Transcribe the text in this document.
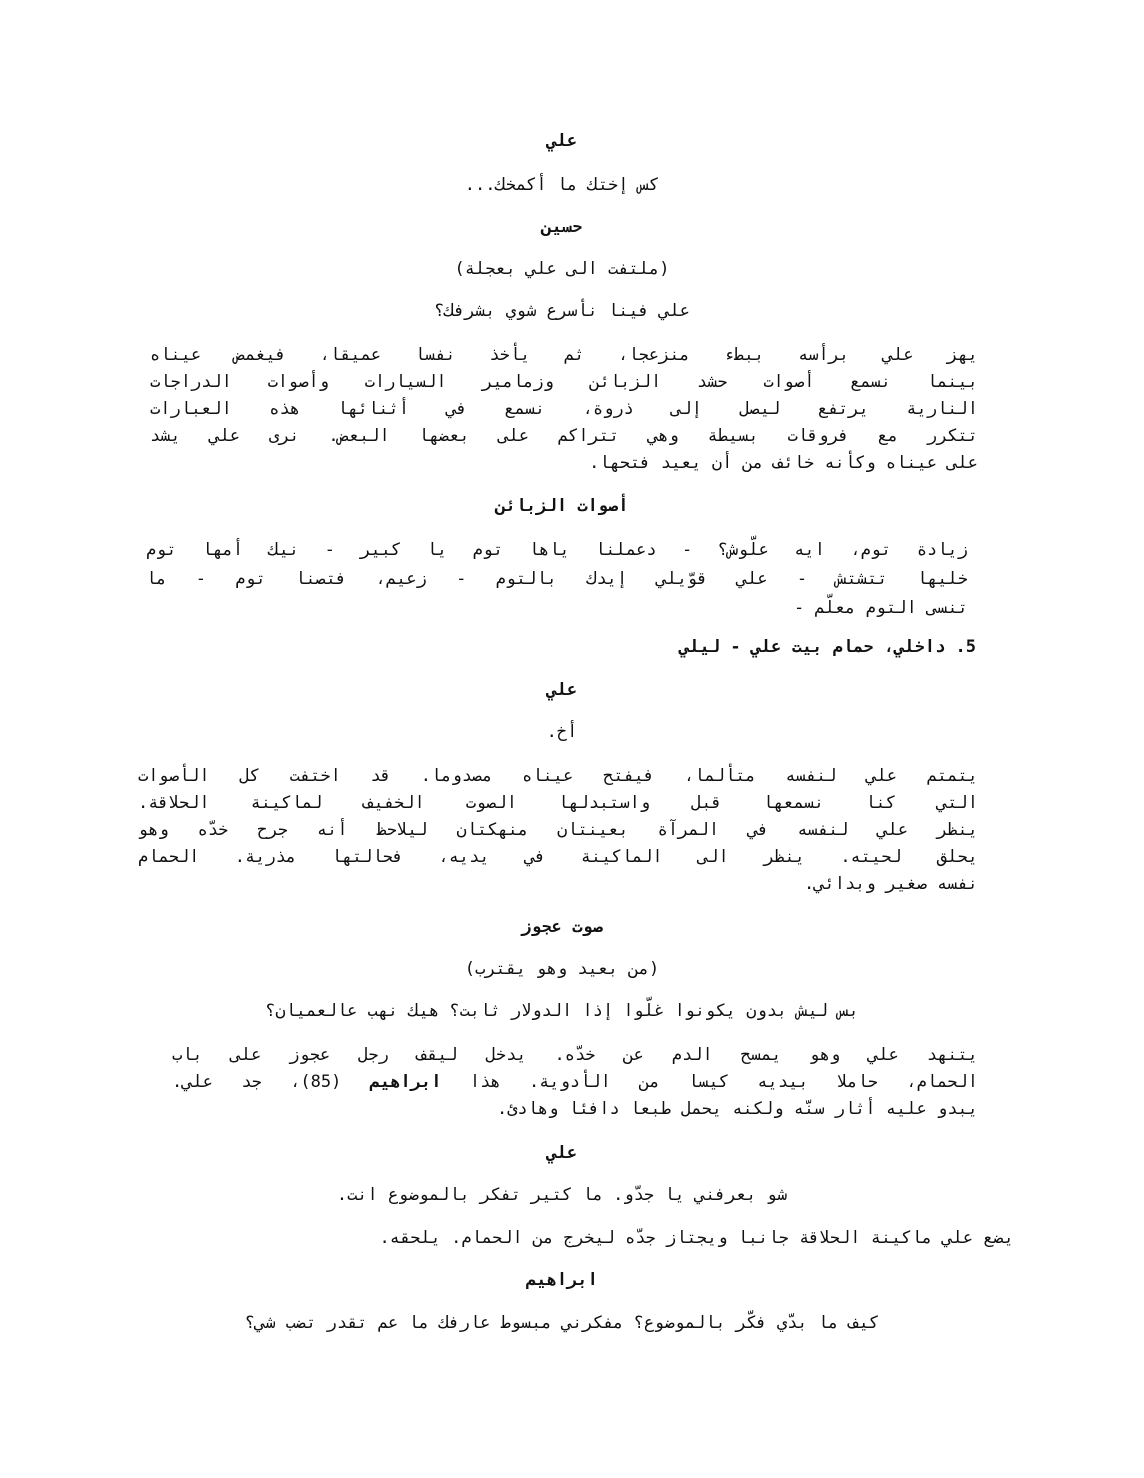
علي
كس إختك ما أكمخك...
حسين
(ملتفت الى علي بعجلة)
علي فينا نأسرع شوي بشرفك؟
يهز علي برأسه ببطء منزعجا، ثم يأخذ نفسا عميقا، فيغمض عيناه
بينما نسمع أصوات حشد الزبائن وزمامير السيارات وأصوات الدراجات
النارية يرتفع ليصل إلى ذروة، نسمع في أثنائها هذه العبارات
تتكرر مع فروقات بسيطة وهي تتراكم على بعضها البعض. نرى علي يشد
على عيناه وكأنه خائف من أن يعيد فتحها.
أصوات الزبائن
زيادة توم، ايه علّوش؟ - دعملنا ياها توم يا كبير - نيك أمها توم
خليها تتشتش - علي قوّيلي إيدك بالتوم - زعيم، فتصنا توم - ما
تنسى التوم معلّم -
5. داخلي، حمام بيت علي - ليلي
علي
أخ.
يتمتم علي لنفسه متألما، فيفتح عيناه مصدوما. قد اختفت كل الأصوات
التي كنا نسمعها قبل واستبدلها الصوت الخفيف لماكينة الحلاقة.
ينظر علي لنفسه في المرآة بعينتان منهكتان ليلاحظ أنه جرح خدّه وهو
يحلق لحيته. ينظر الى الماكينة في يديه، فحالتها مذرية. الحمام
نفسه صغير وبدائي.
صوت عجوز
(من بعيد وهو يقترب)
بس ليش بدون يكونوا غلّوا إذا الدولار ثابت؟ هيك نهب عالعميان؟
يتنهد علي وهو يمسح الدم عن خدّه. يدخل ليقف رجل عجوز على باب
الحمام، حاملا بيديه كيسا من الأدوية. هذا ابراهيم (85)، جد علي.
يبدو عليه أثار سنّه ولكنه يحمل طبعا دافئا وهادئ.
علي
شو بعرفني يا جدّو. ما كتير تفكر بالموضوع انت.
يضع علي ماكينة الحلاقة جانبا ويجتاز جدّه ليخرج من الحمام. يلحقه.
ابراهيم
كيف ما بدّي فكّر بالموضوع؟ مفكرني مبسوط عارفك ما عم تقدر تضب شي؟
